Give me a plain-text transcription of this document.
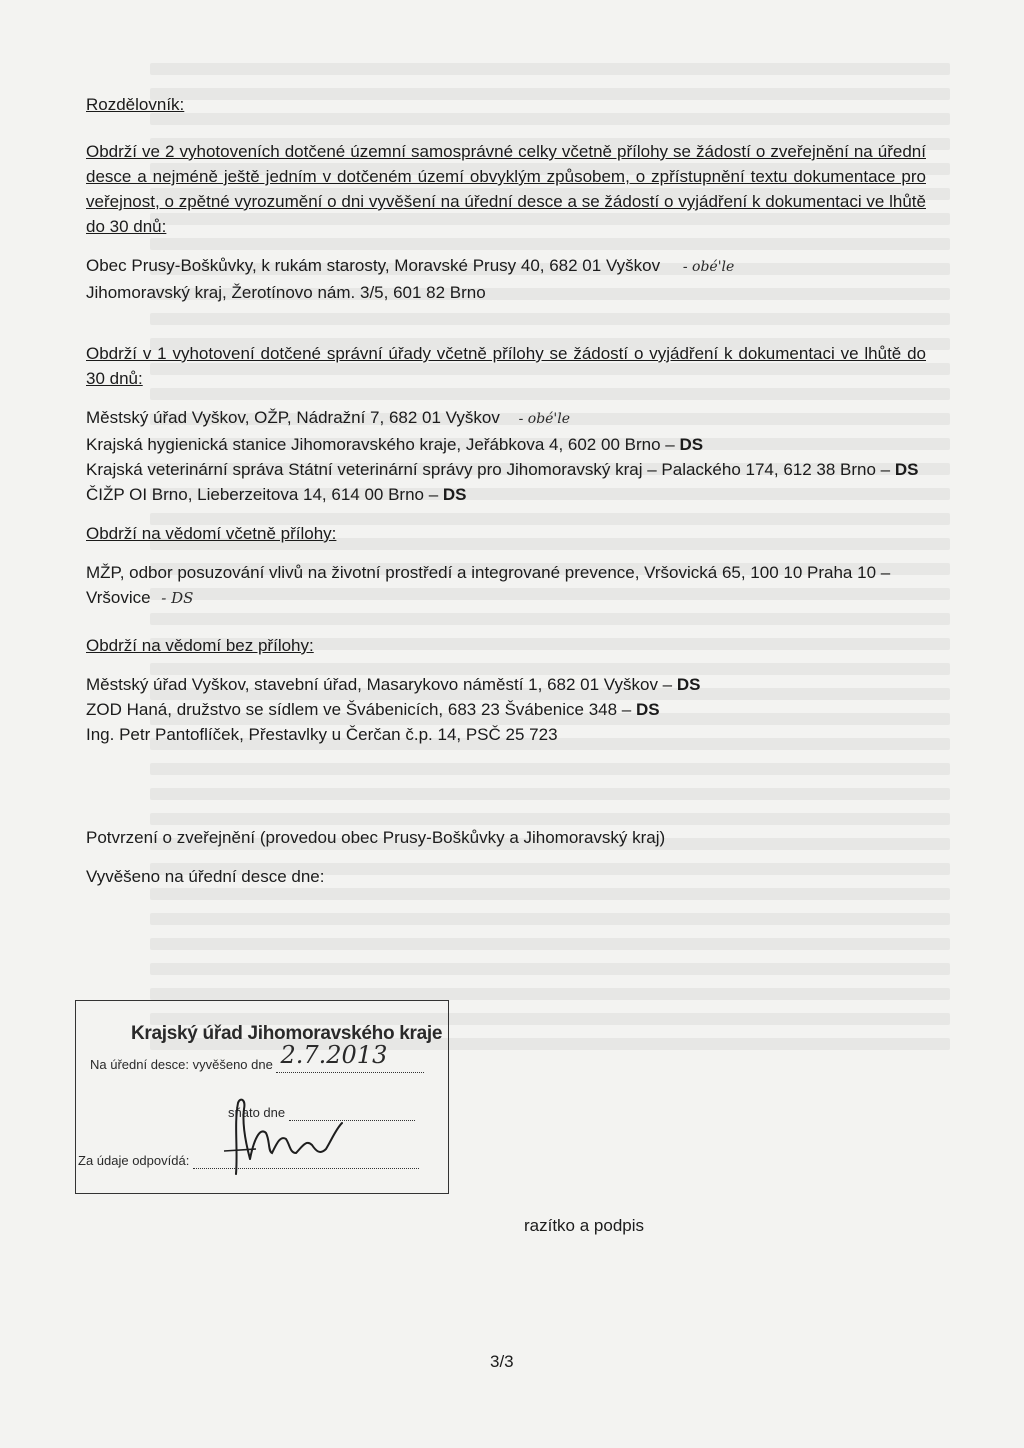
Rozdělovník:

Obdrží ve 2 vyhotoveních dotčené územní samosprávné celky včetně přílohy se žádostí o zveřejnění na úřední desce a nejméně ještě jedním v dotčeném území obvyklým způsobem, o zpřístupnění textu dokumentace pro veřejnost, o zpětné vyrozumění o dni vyvěšení na úřední desce a se žádostí o vyjádření k dokumentaci ve lhůtě do 30 dnů:

Obec Prusy-Boškůvky, k rukám starosty, Moravské Prusy 40, 682 01 Vyškov - obé'le

Jihomoravský kraj, Žerotínovo nám. 3/5, 601 82 Brno

Obdrží v 1 vyhotovení dotčené správní úřady včetně přílohy se žádostí o vyjádření k dokumentaci ve lhůtě do 30 dnů:

Městský úřad Vyškov, OŽP, Nádražní 7, 682 01 Vyškov - obé'le

Krajská hygienická stanice Jihomoravského kraje, Jeřábkova 4, 602 00 Brno – DS

Krajská veterinární správa Státní veterinární správy pro Jihomoravský kraj – Palackého 174, 612 38 Brno – DS

ČIŽP OI Brno, Lieberzeitova 14, 614 00 Brno – DS

Obdrží na vědomí včetně přílohy:

MŽP, odbor posuzování vlivů na životní prostředí a integrované prevence, Vršovická 65, 100 10 Praha 10 – Vršovice - DS

Obdrží na vědomí bez přílohy:

Městský úřad Vyškov, stavební úřad, Masarykovo náměstí 1, 682 01 Vyškov – DS

ZOD Haná, družstvo se sídlem ve Švábenicích, 683 23 Švábenice 348 – DS

Ing. Petr Pantoflíček, Přestavlky u Čerčan č.p. 14, PSČ 25 723

Potvrzení o zveřejnění (provedou obec Prusy-Boškůvky a Jihomoravský kraj)

Vyvěšeno na úřední desce dne:

Krajský úřad Jihomoravského kraje
Na úřední desce: vyvěšeno dne 2.7.2013

sňato dne
Za údaje odpovídá:
razítko a podpis
3/3
